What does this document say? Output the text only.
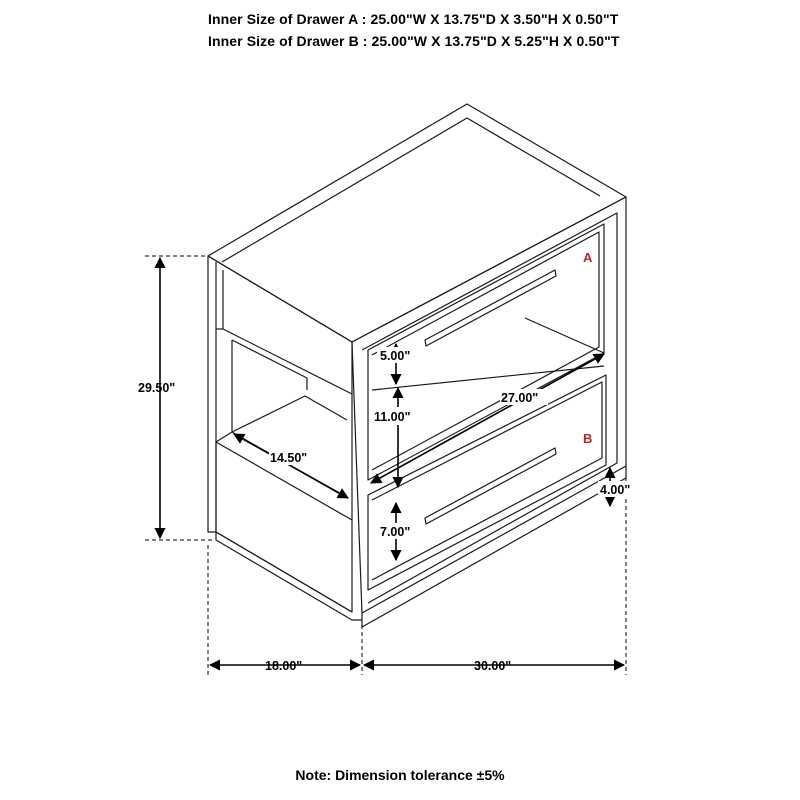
Inner Size of Drawer A : 25.00"W X 13.75"D X 3.50"H X 0.50"T
Inner Size of Drawer B : 25.00"W X 13.75"D X 5.25"H X 0.50"T
29.50"
18.00"	30.00"
14.50"
5.00"
11.00"
27.00"
7.00"
4.00"
A
B
Note: Dimension tolerance ±5%
